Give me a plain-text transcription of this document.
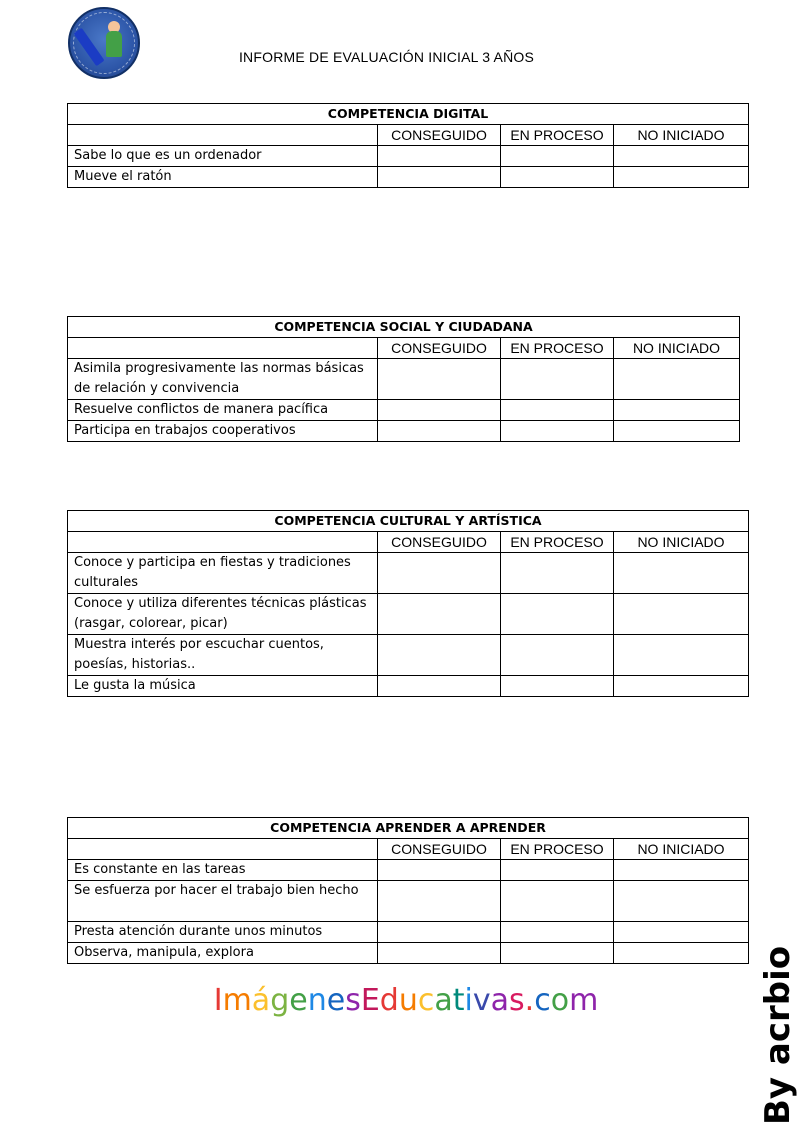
INFORME DE EVALUACIÓN INICIAL 3 AÑOS
COMPETENCIA DIGITAL			
	CONSEGUIDO	EN PROCESO	NO INICIADO
Sabe lo que es un ordenador			
Mueve el ratón			
COMPETENCIA SOCIAL Y CIUDADANA			
	CONSEGUIDO	EN PROCESO	NO INICIADO
Asimila progresivamente las normas básicas de relación y convivencia			
Resuelve conflictos de manera pacífica			
Participa en trabajos cooperativos			
COMPETENCIA CULTURAL Y ARTÍSTICA			
	CONSEGUIDO	EN PROCESO	NO INICIADO
Conoce y participa en fiestas y tradiciones culturales			
Conoce y utiliza diferentes técnicas plásticas (rasgar, colorear, picar)			
Muestra interés por escuchar cuentos, poesías, historias..			
Le gusta la música			
COMPETENCIA APRENDER A APRENDER			
	CONSEGUIDO	EN PROCESO	NO INICIADO
Es constante en las tareas			
Se esfuerza por hacer el trabajo bien hecho			
Presta atención durante unos minutos			
Observa, manipula, explora			
ImágenesEducativas.com	By acrbio
